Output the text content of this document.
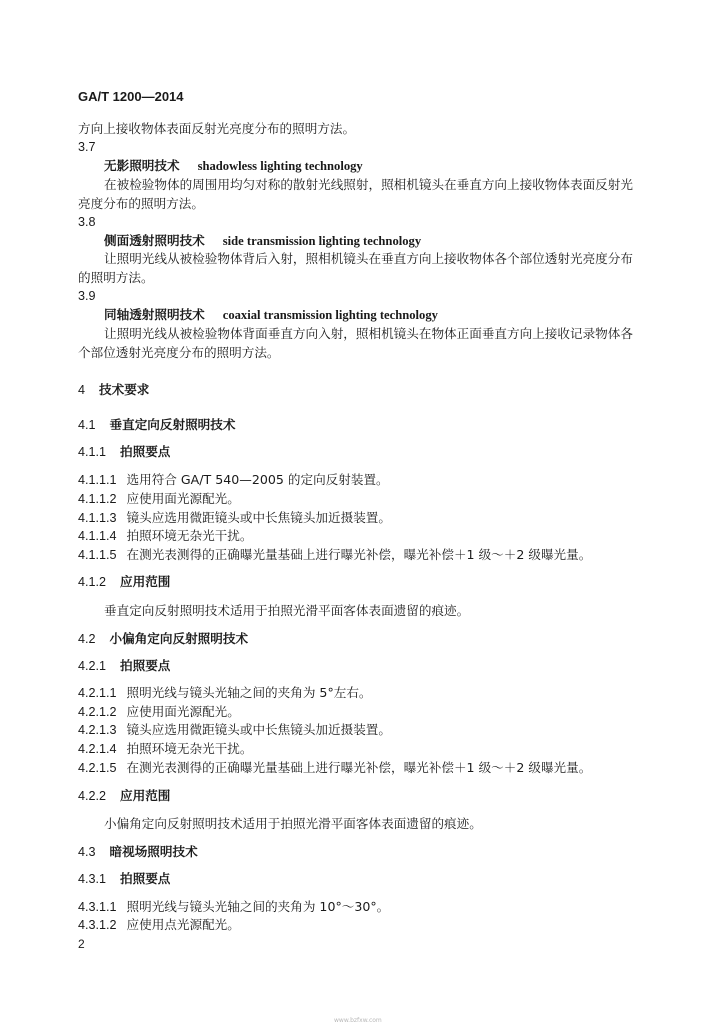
GA/T 1200—2014
方向上接收物体表面反射光亮度分布的照明方法。
3.7
无影照明技术 shadowless lighting technology
在被检验物体的周围用均匀对称的散射光线照射，照相机镜头在垂直方向上接收物体表面反射光
亮度分布的照明方法。
3.8
侧面透射照明技术 side transmission lighting technology
让照明光线从被检验物体背后入射，照相机镜头在垂直方向上接收物体各个部位透射光亮度分布
的照明方法。
3.9
同轴透射照明技术 coaxial transmission lighting technology
让照明光线从被检验物体背面垂直方向入射，照相机镜头在物体正面垂直方向上接收记录物体各
个部位透射光亮度分布的照明方法。
4 技术要求
4.1 垂直定向反射照明技术
4.1.1 拍照要点
4.1.1.1 选用符合 GA/T 540—2005 的定向反射装置。
4.1.1.2 应使用面光源配光。
4.1.1.3 镜头应选用微距镜头或中长焦镜头加近摄装置。
4.1.1.4 拍照环境无杂光干扰。
4.1.1.5 在测光表测得的正确曝光量基础上进行曝光补偿，曝光补偿＋1 级～＋2 级曝光量。
4.1.2 应用范围
垂直定向反射照明技术适用于拍照光滑平面客体表面遗留的痕迹。
4.2 小偏角定向反射照明技术
4.2.1 拍照要点
4.2.1.1 照明光线与镜头光轴之间的夹角为 5°左右。
4.2.1.2 应使用面光源配光。
4.2.1.3 镜头应选用微距镜头或中长焦镜头加近摄装置。
4.2.1.4 拍照环境无杂光干扰。
4.2.1.5 在测光表测得的正确曝光量基础上进行曝光补偿，曝光补偿＋1 级～＋2 级曝光量。
4.2.2 应用范围
小偏角定向反射照明技术适用于拍照光滑平面客体表面遗留的痕迹。
4.3 暗视场照明技术
4.3.1 拍照要点
4.3.1.1 照明光线与镜头光轴之间的夹角为 10°～30°。
4.3.1.2 应使用点光源配光。
2
www.bzfxw.com
